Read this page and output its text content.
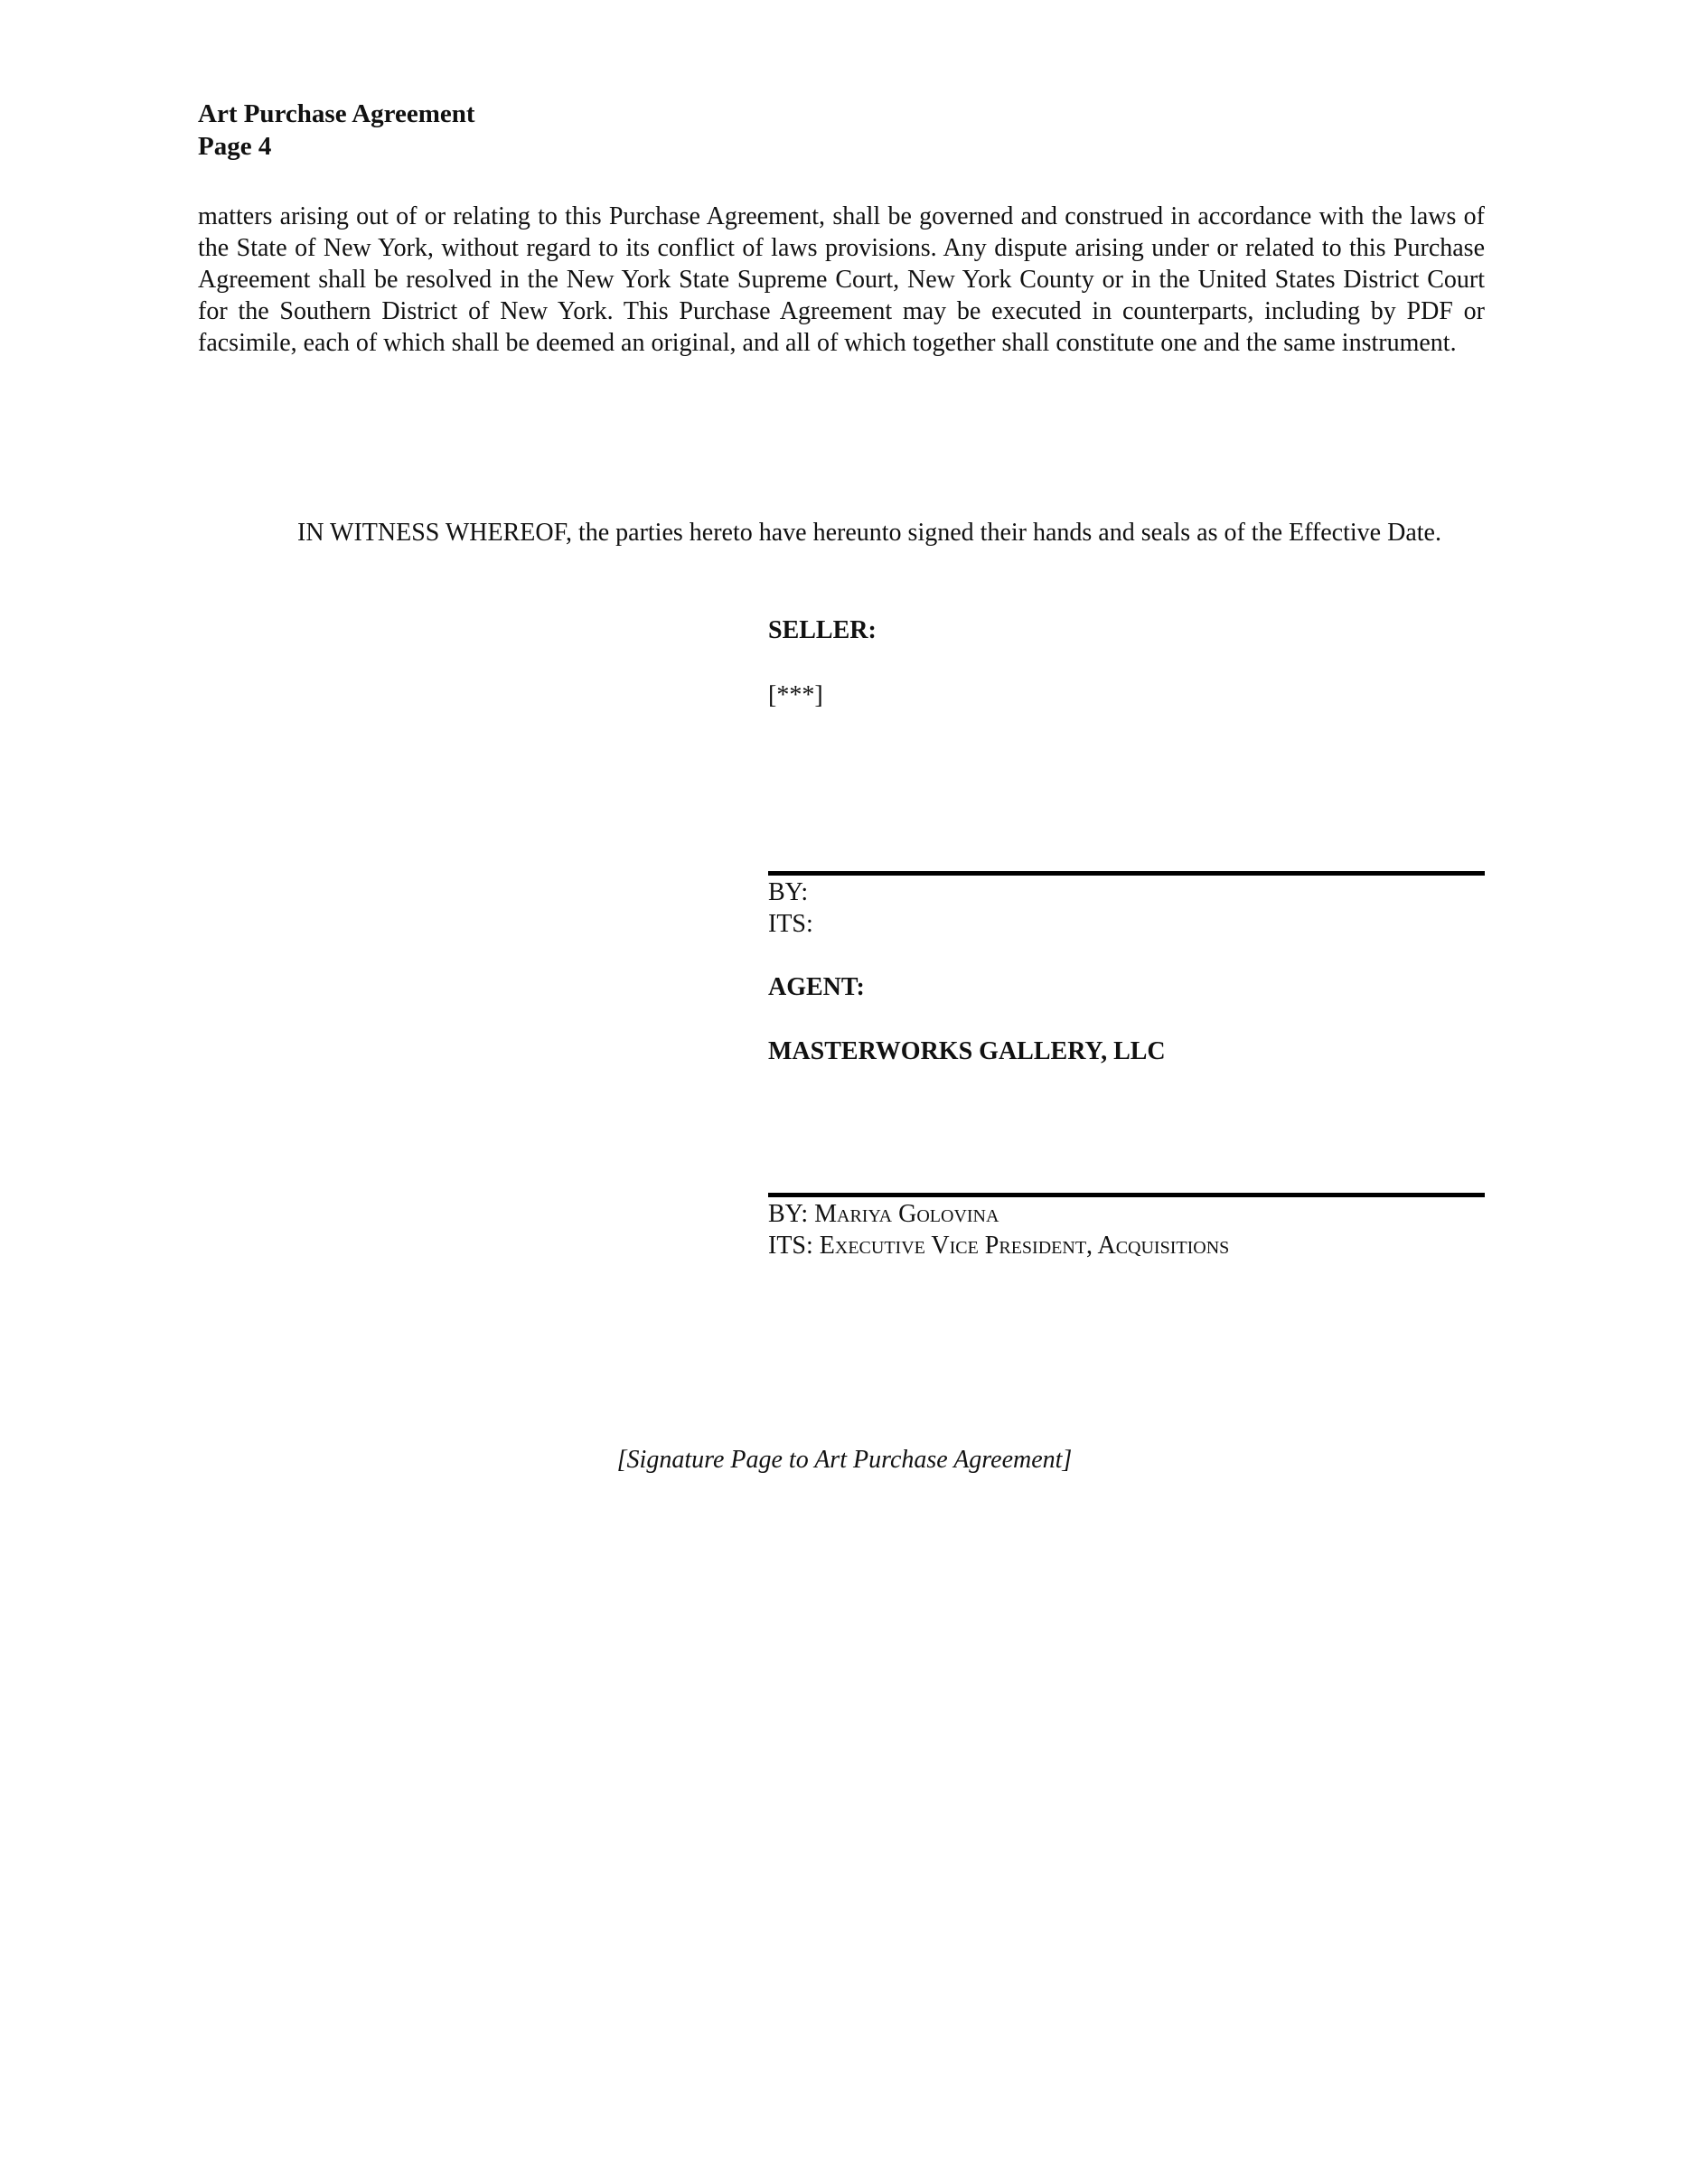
Art Purchase Agreement
Page 4
matters arising out of or relating to this Purchase Agreement, shall be governed and construed in accordance with the laws of the State of New York, without regard to its conflict of laws provisions. Any dispute arising under or related to this Purchase Agreement shall be resolved in the New York State Supreme Court, New York County or in the United States District Court for the Southern District of New York. This Purchase Agreement may be executed in counterparts, including by PDF or facsimile, each of which shall be deemed an original, and all of which together shall constitute one and the same instrument.
IN WITNESS WHEREOF, the parties hereto have hereunto signed their hands and seals as of the Effective Date.
SELLER:
[***]
BY:
ITS:
AGENT:
MASTERWORKS GALLERY, LLC
BY: Mariya Golovina
ITS: Executive Vice President, Acquisitions
[Signature Page to Art Purchase Agreement]
